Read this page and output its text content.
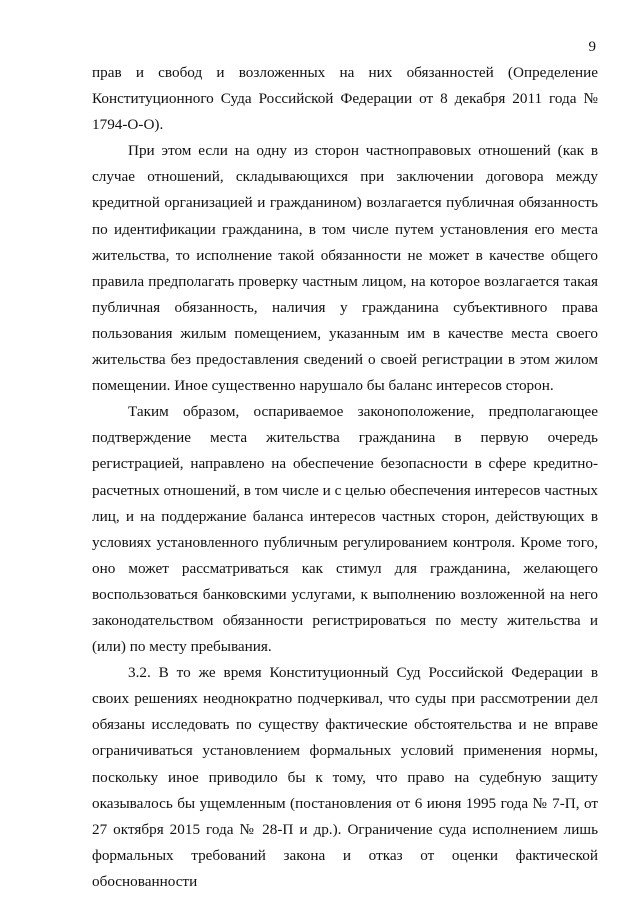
9

прав и свобод и возложенных на них обязанностей (Определение Конституционного Суда Российской Федерации от 8 декабря 2011 года № 1794-О-О).

При этом если на одну из сторон частноправовых отношений (как в случае отношений, складывающихся при заключении договора между кредитной организацией и гражданином) возлагается публичная обязанность по идентификации гражданина, в том числе путем установления его места жительства, то исполнение такой обязанности не может в качестве общего правила предполагать проверку частным лицом, на которое возлагается такая публичная обязанность, наличия у гражданина субъективного права пользования жилым помещением, указанным им в качестве места своего жительства без предоставления сведений о своей регистрации в этом жилом помещении. Иное существенно нарушало бы баланс интересов сторон.

Таким образом, оспариваемое законоположение, предполагающее подтверждение места жительства гражданина в первую очередь регистрацией, направлено на обеспечение безопасности в сфере кредитно-расчетных отношений, в том числе и с целью обеспечения интересов частных лиц, и на поддержание баланса интересов частных сторон, действующих в условиях установленного публичным регулированием контроля. Кроме того, оно может рассматриваться как стимул для гражданина, желающего воспользоваться банковскими услугами, к выполнению возложенной на него законодательством обязанности регистрироваться по месту жительства и (или) по месту пребывания.

3.2. В то же время Конституционный Суд Российской Федерации в своих решениях неоднократно подчеркивал, что суды при рассмотрении дел обязаны исследовать по существу фактические обстоятельства и не вправе ограничиваться установлением формальных условий применения нормы, поскольку иное приводило бы к тому, что право на судебную защиту оказывалось бы ущемленным (постановления от 6 июня 1995 года № 7-П, от 27 октября 2015 года № 28-П и др.). Ограничение суда исполнением лишь формальных требований закона и отказ от оценки фактической обоснованности
